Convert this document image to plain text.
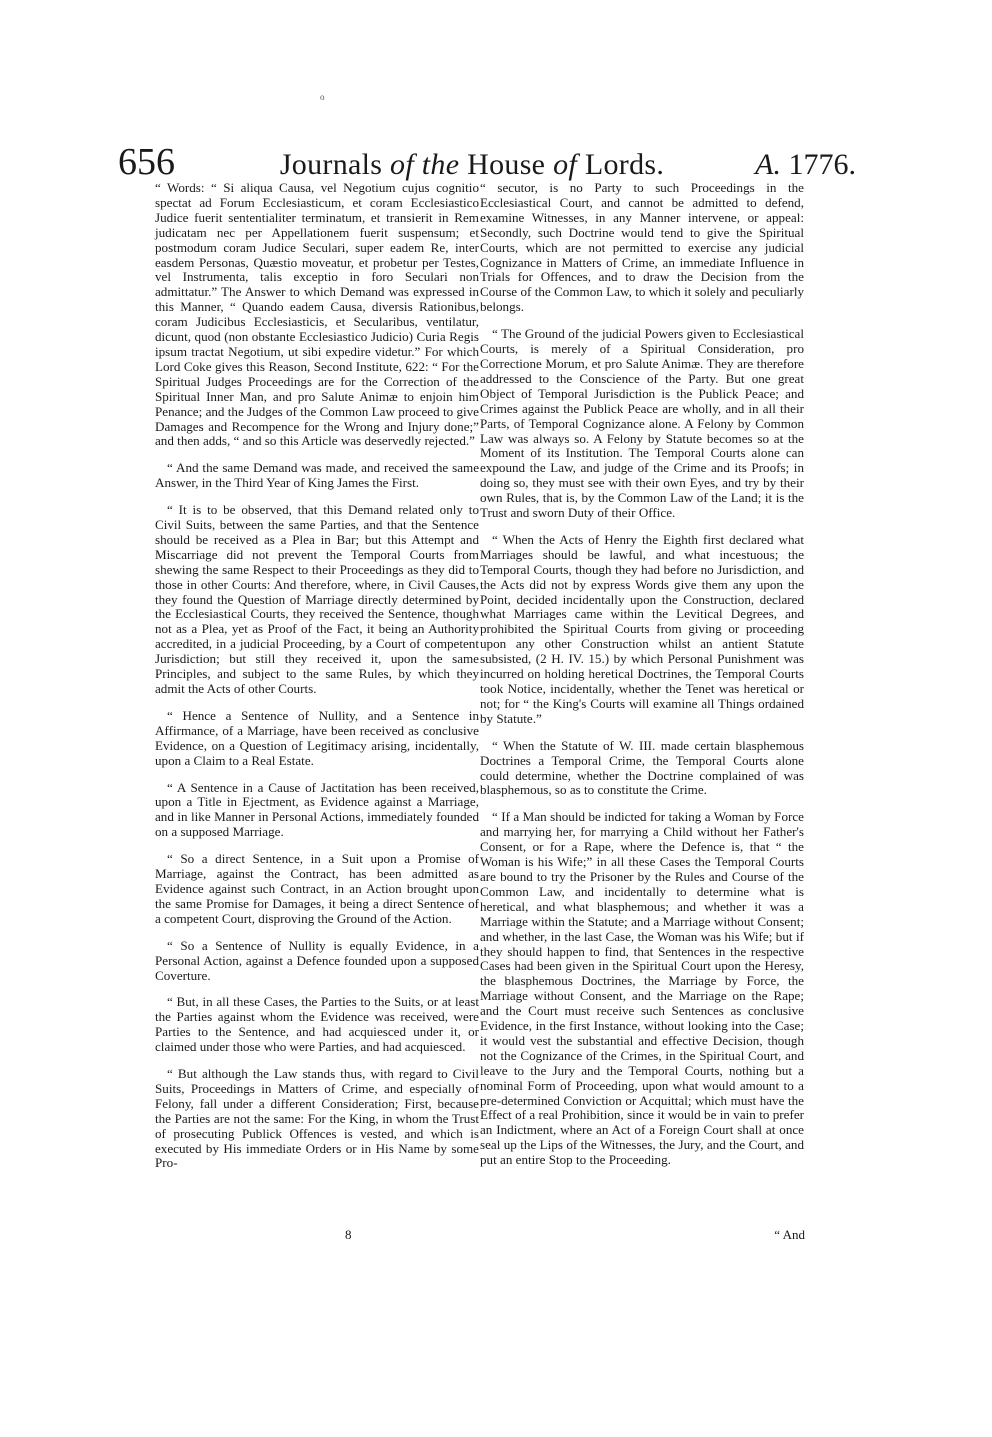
o
656	Journals of the House of Lords.	A. 1776.

“ Words: “ Si aliqua Causa, vel Negotium cujus cognitio spectat ad Forum Ecclesiasticum, et coram Ecclesiastico Judice fuerit sententialiter terminatum, et transierit in Rem judicatam nec per Appellationem fuerit suspensum; et postmodum coram Judice Seculari, super eadem Re, inter easdem Personas, Quæstio moveatur, et probetur per Testes, vel Instrumenta, talis exceptio in foro Seculari non admittatur.” The Answer to which Demand was expressed in this Manner, “ Quando eadem Causa, diversis Rationibus, coram Judicibus Ecclesiasticis, et Secularibus, ventilatur, dicunt, quod (non obstante Ecclesiastico Judicio) Curia Regis ipsum tractat Negotium, ut sibi expedire videtur.” For which Lord Coke gives this Reason, Second Institute, 622: “ For the Spiritual Judges Proceedings are for the Correction of the Spiritual Inner Man, and pro Salute Animæ to enjoin him Penance; and the Judges of the Common Law proceed to give Damages and Recompence for the Wrong and Injury done;” and then adds, “ and so this Article was deservedly rejected.”

“ And the same Demand was made, and received the same Answer, in the Third Year of King James the First.

“ It is to be observed, that this Demand related only to Civil Suits, between the same Parties, and that the Sentence should be received as a Plea in Bar; but this Attempt and Miscarriage did not prevent the Temporal Courts from shewing the same Respect to their Proceedings as they did to those in other Courts: And therefore, where, in Civil Causes, they found the Question of Marriage directly determined by the Ecclesiastical Courts, they received the Sentence, though not as a Plea, yet as Proof of the Fact, it being an Authority accredited, in a judicial Proceeding, by a Court of competent Jurisdiction; but still they received it, upon the same Principles, and subject to the same Rules, by which they admit the Acts of other Courts.

“ Hence a Sentence of Nullity, and a Sentence in Affirmance, of a Marriage, have been received as conclusive Evidence, on a Question of Legitimacy arising, incidentally, upon a Claim to a Real Estate.

“ A Sentence in a Cause of Jactitation has been received, upon a Title in Ejectment, as Evidence against a Marriage, and in like Manner in Personal Actions, immediately founded on a supposed Marriage.

“ So a direct Sentence, in a Suit upon a Promise of Marriage, against the Contract, has been admitted as Evidence against such Contract, in an Action brought upon the same Promise for Damages, it being a direct Sentence of a competent Court, disproving the Ground of the Action.

“ So a Sentence of Nullity is equally Evidence, in a Personal Action, against a Defence founded upon a supposed Coverture.

“ But, in all these Cases, the Parties to the Suits, or at least the Parties against whom the Evidence was received, were Parties to the Sentence, and had acquiesced under it, or claimed under those who were Parties, and had acquiesced.

“ But although the Law stands thus, with regard to Civil Suits, Proceedings in Matters of Crime, and especially of Felony, fall under a different Consideration; First, because the Parties are not the same: For the King, in whom the Trust of prosecuting Publick Offences is vested, and which is executed by His immediate Orders or in His Name by some Pro-

“ secutor, is no Party to such Proceedings in the Ecclesiastical Court, and cannot be admitted to defend, examine Witnesses, in any Manner intervene, or appeal: Secondly, such Doctrine would tend to give the Spiritual Courts, which are not permitted to exercise any judicial Cognizance in Matters of Crime, an immediate Influence in Trials for Offences, and to draw the Decision from the Course of the Common Law, to which it solely and peculiarly belongs.

“ The Ground of the judicial Powers given to Ecclesiastical Courts, is merely of a Spiritual Consideration, pro Correctione Morum, et pro Salute Animæ. They are therefore addressed to the Conscience of the Party. But one great Object of Temporal Jurisdiction is the Publick Peace; and Crimes against the Publick Peace are wholly, and in all their Parts, of Temporal Cognizance alone. A Felony by Common Law was always so. A Felony by Statute becomes so at the Moment of its Institution. The Temporal Courts alone can expound the Law, and judge of the Crime and its Proofs; in doing so, they must see with their own Eyes, and try by their own Rules, that is, by the Common Law of the Land; it is the Trust and sworn Duty of their Office.

“ When the Acts of Henry the Eighth first declared what Marriages should be lawful, and what incestuous; the Temporal Courts, though they had before no Jurisdiction, and the Acts did not by express Words give them any upon the Point, decided incidentally upon the Construction, declared what Marriages came within the Levitical Degrees, and prohibited the Spiritual Courts from giving or proceeding upon any other Construction whilst an antient Statute subsisted, (2 H. IV. 15.) by which Personal Punishment was incurred on holding heretical Doctrines, the Temporal Courts took Notice, incidentally, whether the Tenet was heretical or not; for “ the King's Courts will examine all Things ordained by Statute.”

“ When the Statute of W. III. made certain blasphemous Doctrines a Temporal Crime, the Temporal Courts alone could determine, whether the Doctrine complained of was blasphemous, so as to constitute the Crime.

“ If a Man should be indicted for taking a Woman by Force and marrying her, for marrying a Child without her Father's Consent, or for a Rape, where the Defence is, that “ the Woman is his Wife;” in all these Cases the Temporal Courts are bound to try the Prisoner by the Rules and Course of the Common Law, and incidentally to determine what is heretical, and what blasphemous; and whether it was a Marriage within the Statute; and a Marriage without Consent; and whether, in the last Case, the Woman was his Wife; but if they should happen to find, that Sentences in the respective Cases had been given in the Spiritual Court upon the Heresy, the blasphemous Doctrines, the Marriage by Force, the Marriage without Consent, and the Marriage on the Rape; and the Court must receive such Sentences as conclusive Evidence, in the first Instance, without looking into the Case; it would vest the substantial and effective Decision, though not the Cognizance of the Crimes, in the Spiritual Court, and leave to the Jury and the Temporal Courts, nothing but a nominal Form of Proceeding, upon what would amount to a pre-determined Conviction or Acquittal; which must have the Effect of a real Prohibition, since it would be in vain to prefer an Indictment, where an Act of a Foreign Court shall at once seal up the Lips of the Witnesses, the Jury, and the Court, and put an entire Stop to the Proceeding.

8	“ And
